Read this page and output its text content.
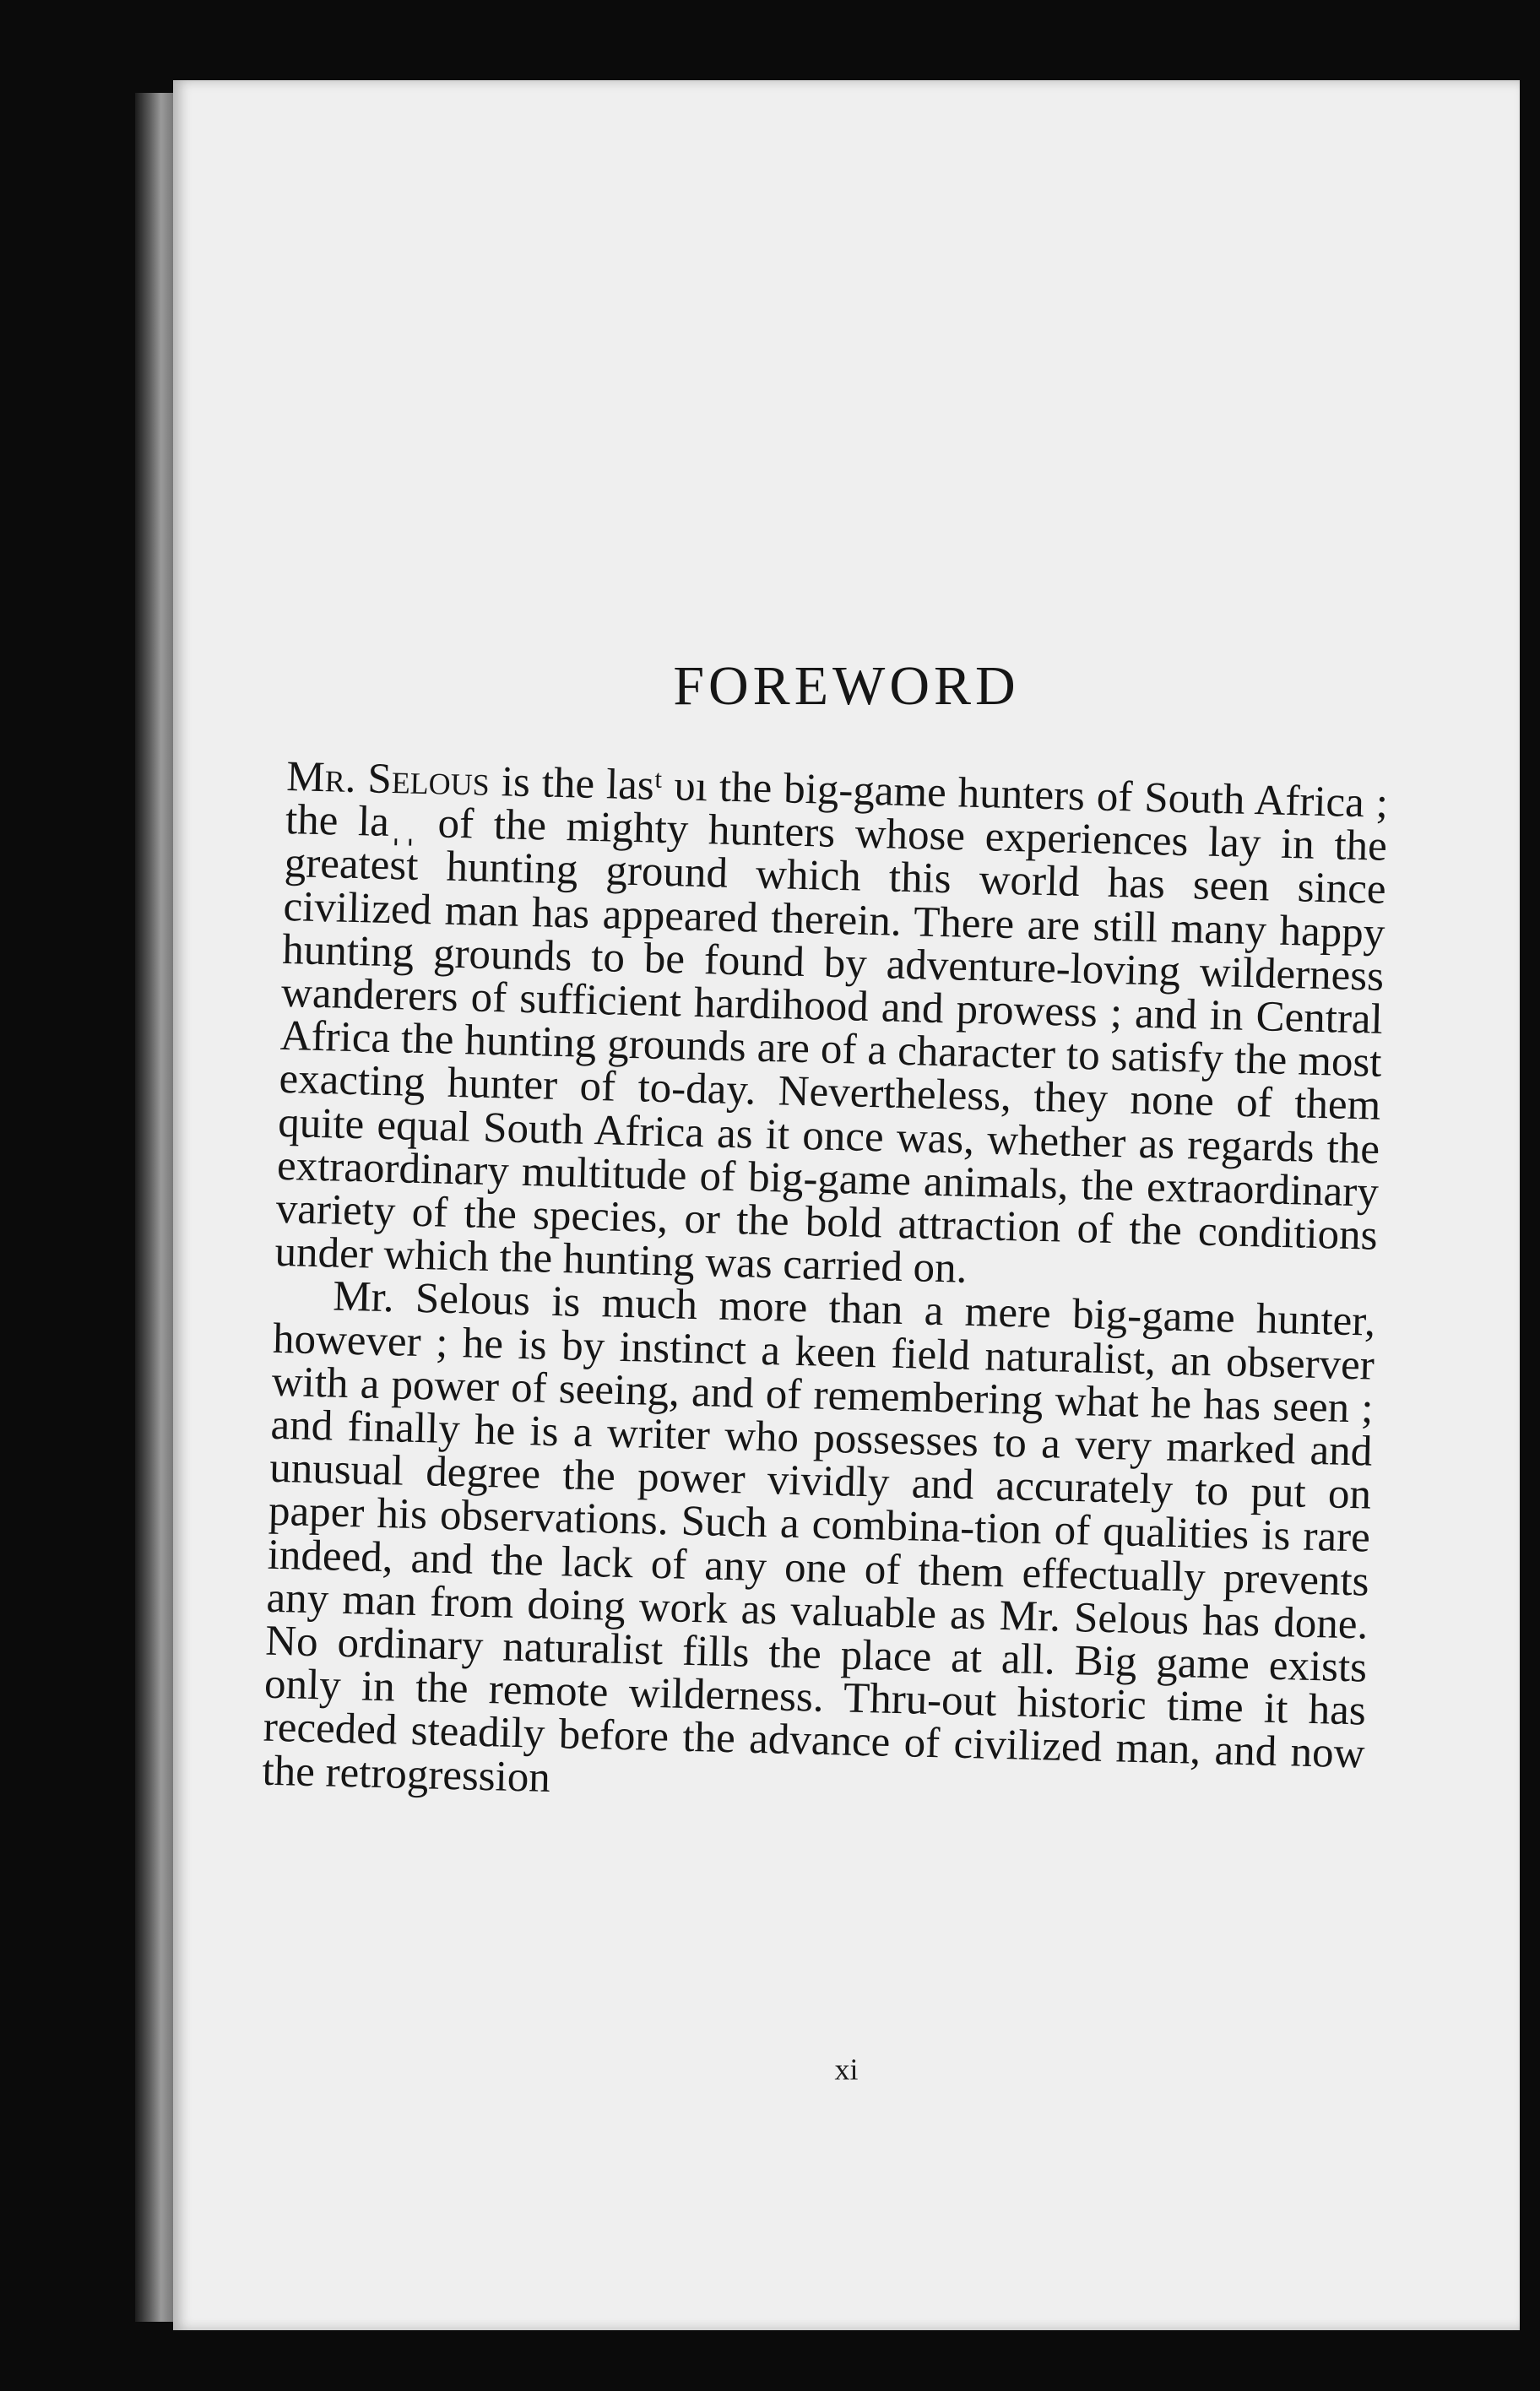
FOREWORD

Mr. Selous is the lasᵗ υı the big-game hunters of South Africa ; the laˌˌ of the mighty hunters whose experiences lay in the greatest hunting ground which this world has seen since civilized man has appeared therein. There are still many happy hunting grounds to be found by adventure-loving wilderness wanderers of sufficient hardihood and prowess ; and in Central Africa the hunting grounds are of a character to satisfy the most exacting hunter of to-day. Nevertheless, they none of them quite equal South Africa as it once was, whether as regards the extraordinary multitude of big-game animals, the extraordinary variety of the species, or the bold attraction of the conditions under which the hunting was carried on.

Mr. Selous is much more than a mere big-game hunter, however ; he is by instinct a keen field naturalist, an observer with a power of seeing, and of remembering what he has seen ; and finally he is a writer who possesses to a very marked and unusual degree the power vividly and accurately to put on paper his observations. Such a combina-tion of qualities is rare indeed, and the lack of any one of them effectually prevents any man from doing work as valuable as Mr. Selous has done. No ordinary naturalist fills the place at all. Big game exists only in the remote wilderness. Thru-out historic time it has receded steadily before the advance of civilized man, and now the retrogression

xi
